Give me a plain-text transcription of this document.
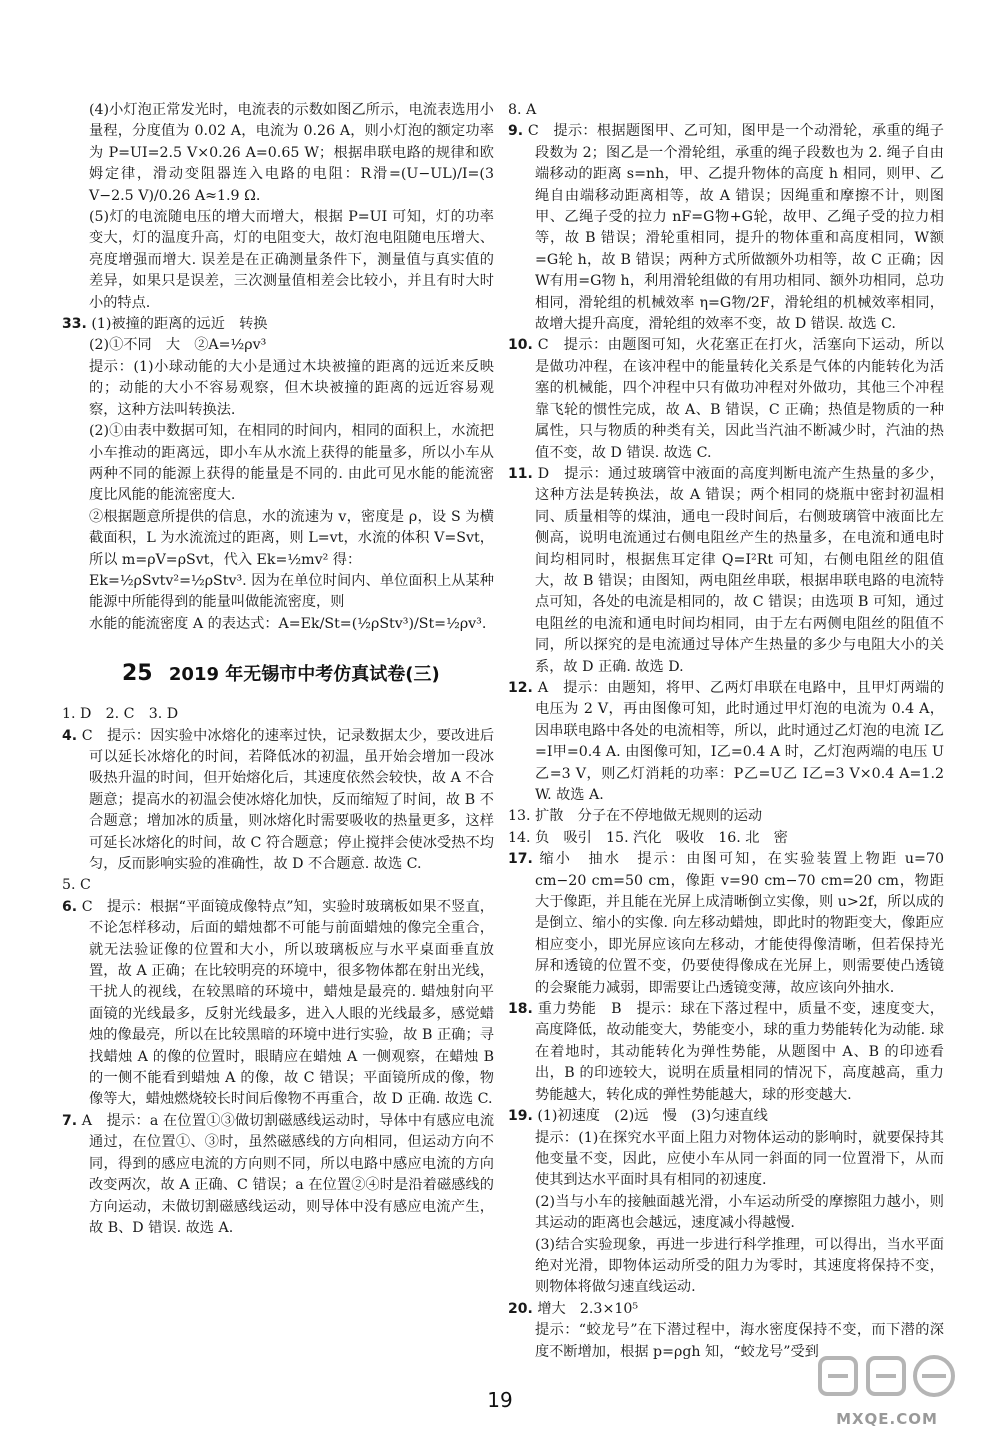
(4)小灯泡正常发光时，电流表的示数如图乙所示，电流表选用小量程，分度值为 0.02 A，电流为 0.26 A，则小灯泡的额定功率为 P=UI=2.5 V×0.26 A=0.65 W；根据串联电路的规律和欧姆定律，滑动变阻器连入电路的电阻：R滑=(U−UL)/I=(3 V−2.5 V)/0.26 A≈1.9 Ω.

(5)灯的电流随电压的增大而增大，根据 P=UI 可知，灯的功率变大，灯的温度升高，灯的电阻变大，故灯泡电阻随电压增大、亮度增强而增大. 误差是在正确测量条件下，测量值与真实值的差异，如果只是误差，三次测量值相差会比较小，并且有时大时小的特点.

33. (1)被撞的距离的远近　转换

(2)①不同　大　②A=½ρv³

提示：(1)小球动能的大小是通过木块被撞的距离的远近来反映的；动能的大小不容易观察，但木块被撞的距离的远近容易观察，这种方法叫转换法.

(2)①由表中数据可知，在相同的时间内，相同的面积上，水流把小车推动的距离远，即小车从水流上获得的能量多，所以小车从两种不同的能源上获得的能量是不同的. 由此可见水能的能流密度比风能的能流密度大.

②根据题意所提供的信息，水的流速为 v，密度是 ρ，设 S 为横截面积，L 为水流流过的距离，则 L=vt，水流的体积 V=Svt，所以 m=ρV=ρSvt，代入 Ek=½mv² 得：

Ek=½ρSvtv²=½ρStv³. 因为在单位时间内、单位面积上从某种能源中所能得到的能量叫做能流密度，则

水能的能流密度 A 的表达式：A=Ek/St=(½ρStv³)/St=½ρv³.

25 2019 年无锡市中考仿真试卷(三)

1. D　2. C　3. D

4. C　提示：因实验中冰熔化的速率过快，记录数据太少，要改进后可以延长冰熔化的时间，若降低冰的初温，虽开始会增加一段冰吸热升温的时间，但开始熔化后，其速度依然会较快，故 A 不合题意；提高水的初温会使冰熔化加快，反而缩短了时间，故 B 不合题意；增加冰的质量，则冰熔化时需要吸收的热量更多，这样可延长冰熔化的时间，故 C 符合题意；停止搅拌会使冰受热不均匀，反而影响实验的准确性，故 D 不合题意. 故选 C.

5. C

6. C　提示：根据“平面镜成像特点”知，实验时玻璃板如果不竖直，不论怎样移动，后面的蜡烛都不可能与前面蜡烛的像完全重合，就无法验证像的位置和大小，所以玻璃板应与水平桌面垂直放置，故 A 正确；在比较明亮的环境中，很多物体都在射出光线，干扰人的视线，在较黑暗的环境中，蜡烛是最亮的. 蜡烛射向平面镜的光线最多，反射光线最多，进入人眼的光线最多，感觉蜡烛的像最亮，所以在比较黑暗的环境中进行实验，故 B 正确；寻找蜡烛 A 的像的位置时，眼睛应在蜡烛 A 一侧观察，在蜡烛 B 的一侧不能看到蜡烛 A 的像，故 C 错误；平面镜所成的像，物像等大，蜡烛燃烧较长时间后像物不再重合，故 D 正确. 故选 C.
7. A　提示：a 在位置①③做切割磁感线运动时，导体中有感应电流通过，在位置①、③时，虽然磁感线的方向相同，但运动方向不同，得到的感应电流的方向则不同，所以电路中感应电流的方向改变两次，故 A 正确、C 错误；a 在位置②④时是沿着磁感线的方向运动，未做切割磁感线运动，则导体中没有感应电流产生，故 B、D 错误. 故选 A.

8. A

9. C　提示：根据题图甲、乙可知，图甲是一个动滑轮，承重的绳子段数为 2；图乙是一个滑轮组，承重的绳子段数也为 2. 绳子自由端移动的距离 s=nh，甲、乙提升物体的高度 h 相同，则甲、乙绳自由端移动距离相等，故 A 错误；因绳重和摩擦不计，则图甲、乙绳子受的拉力 nF=G物+G轮，故甲、乙绳子受的拉力相等，故 B 错误；滑轮重相同，提升的物体重和高度相同，W额=G轮 h，故 B 错误；两种方式所做额外功相等，故 C 正确；因 W有用=G物 h，利用滑轮组做的有用功相同、额外功相同，总功相同，滑轮组的机械效率 η=G物/2F，滑轮组的机械效率相同，故增大提升高度，滑轮组的效率不变，故 D 错误. 故选 C.
10. C　提示：由题图可知，火花塞正在打火，活塞向下运动，所以是做功冲程，在该冲程中的能量转化关系是气体的内能转化为活塞的机械能，四个冲程中只有做功冲程对外做功，其他三个冲程靠飞轮的惯性完成，故 A、B 错误，C 正确；热值是物质的一种属性，只与物质的种类有关，因此当汽油不断减少时，汽油的热值不变，故 D 错误. 故选 C.
11. D　提示：通过玻璃管中液面的高度判断电流产生热量的多少，这种方法是转换法，故 A 错误；两个相同的烧瓶中密封初温相同、质量相等的煤油，通电一段时间后，右侧玻璃管中液面比左侧高，说明电流通过右侧电阻丝产生的热量多，在电流和通电时间均相同时，根据焦耳定律 Q=I²Rt 可知，右侧电阻丝的阻值大，故 B 错误；由图知，两电阻丝串联，根据串联电路的电流特点可知，各处的电流是相同的，故 C 错误；由选项 B 可知，通过电阻丝的电流和通电时间均相同，由于左右两侧电阻丝的阻值不同，所以探究的是电流通过导体产生热量的多少与电阻大小的关系，故 D 正确. 故选 D.
12. A　提示：由题知，将甲、乙两灯串联在电路中，且甲灯两端的电压为 2 V，再由图像可知，此时通过甲灯泡的电流为 0.4 A，因串联电路中各处的电流相等，所以，此时通过乙灯泡的电流 I乙=I甲=0.4 A. 由图像可知，I乙=0.4 A 时，乙灯泡两端的电压 U乙=3 V，则乙灯消耗的功率：P乙=U乙 I乙=3 V×0.4 A=1.2 W. 故选 A.

13. 扩散　分子在不停地做无规则的运动

14. 负　吸引　15. 汽化　吸收　16. 北　密

17. 缩小　抽水　提示：由图可知，在实验装置上物距 u=70 cm−20 cm=50 cm，像距 v=90 cm−70 cm=20 cm，物距大于像距，并且能在光屏上成清晰倒立实像，则 u>2f，所以成的是倒立、缩小的实像. 向左移动蜡烛，即此时的物距变大，像距应相应变小，即光屏应该向左移动，才能使得像清晰，但若保持光屏和透镜的位置不变，仍要使得像成在光屏上，则需要使凸透镜的会聚能力减弱，即需要让凸透镜变薄，故应该向外抽水.
18. 重力势能　B　提示：球在下落过程中，质量不变，速度变大，高度降低，故动能变大，势能变小，球的重力势能转化为动能. 球在着地时，其动能转化为弹性势能，从题图中 A、B 的印迹看出，B 的印迹较大，说明在质量相同的情况下，高度越高，重力势能越大，转化成的弹性势能越大，球的形变越大.
19. (1)初速度　(2)远　慢　(3)匀速直线

提示：(1)在探究水平面上阻力对物体运动的影响时，就要保持其他变量不变，因此，应使小车从同一斜面的同一位置滑下，从而使其到达水平面时具有相同的初速度.

(2)当与小车的接触面越光滑，小车运动所受的摩擦阻力越小，则其运动的距离也会越远，速度减小得越慢.

(3)结合实验现象，再进一步进行科学推理，可以得出，当水平面绝对光滑，即物体运动所受的阻力为零时，其速度将保持不变，则物体将做匀速直线运动.

20. 增大　2.3×10⁵

提示：“蛟龙号”在下潜过程中，海水密度保持不变，而下潜的深度不断增加，根据 p=ρgh 知，“蛟龙号”受到

19
MXQE.COM
